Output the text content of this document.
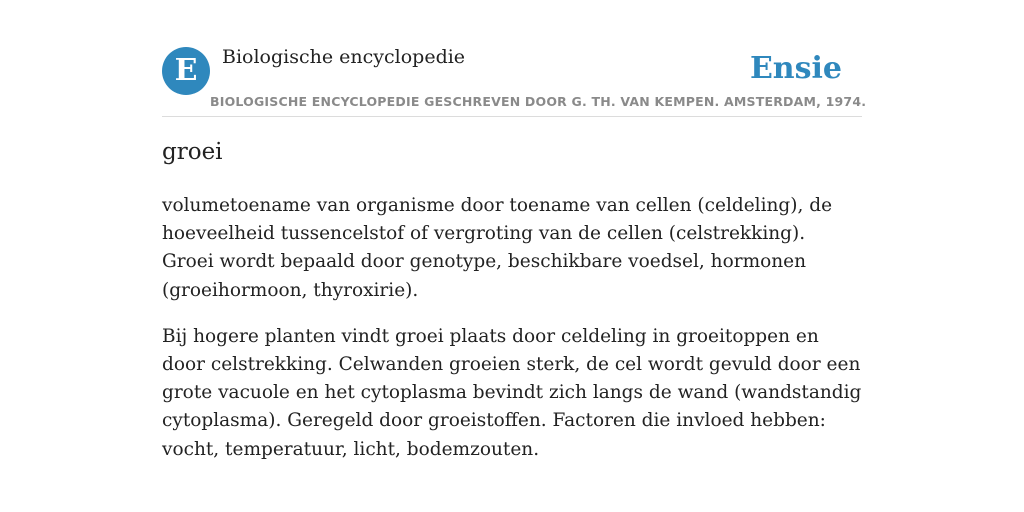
E	Biologische encyclopedie	Ensie
BIOLOGISCHE ENCYCLOPEDIE GESCHREVEN DOOR G. TH. VAN KEMPEN. AMSTERDAM, 1974.
groei

volumetoename van organisme door toename van cellen (celdeling), de hoeveelheid tussencelstof of vergroting van de cellen (celstrekking). Groei wordt bepaald door genotype, beschikbare voedsel, hormonen (groeihormoon, thyroxirie).

Bij hogere planten vindt groei plaats door celdeling in groeitoppen en door celstrekking. Celwanden groeien sterk, de cel wordt gevuld door een grote vacuole en het cytoplasma bevindt zich langs de wand (wandstandig cytoplasma). Geregeld door groeistoffen. Factoren die invloed hebben: vocht, temperatuur, licht, bodemzouten.
